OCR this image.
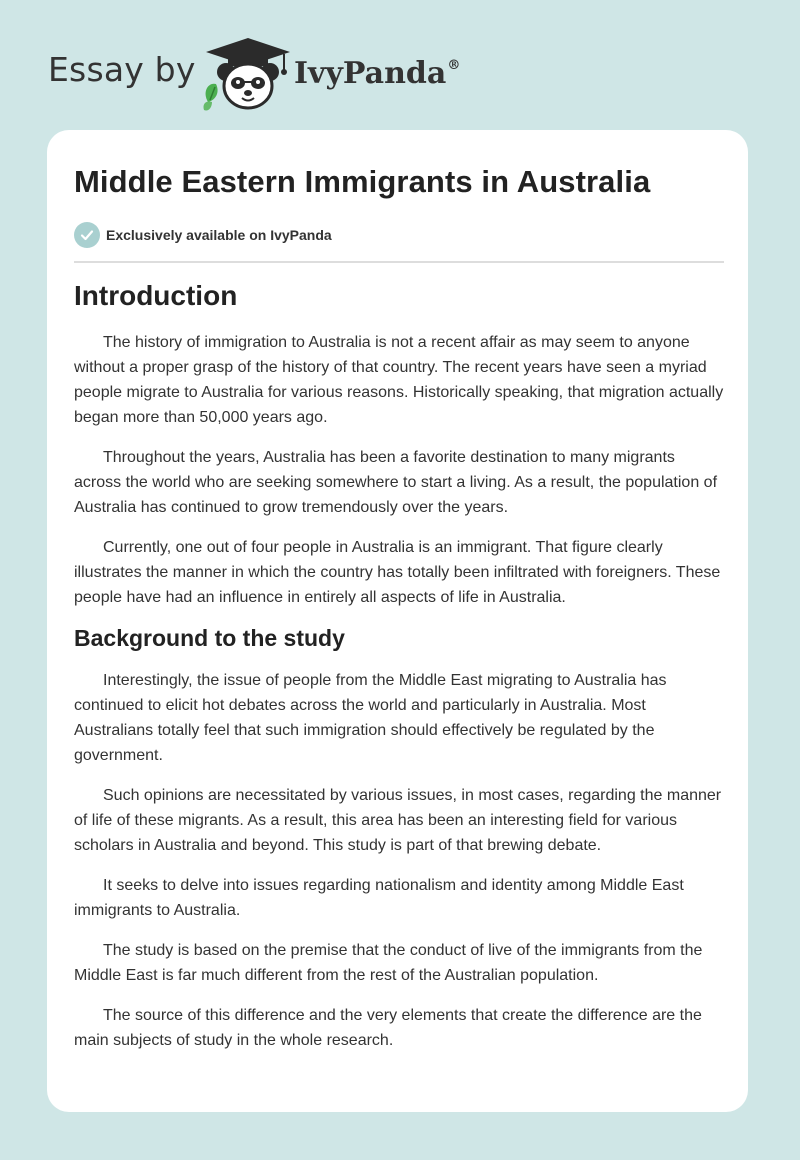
Essay by	IvyPanda®
Middle Eastern Immigrants in Australia
Exclusively available on IvyPanda
Introduction

The history of immigration to Australia is not a recent affair as may seem to anyone without a proper grasp of the history of that country. The recent years have seen a myriad people migrate to Australia for various reasons. Historically speaking, that migration actually began more than 50,000 years ago.

Throughout the years, Australia has been a favorite destination to many migrants across the world who are seeking somewhere to start a living. As a result, the population of Australia has continued to grow tremendously over the years.

Currently, one out of four people in Australia is an immigrant. That figure clearly illustrates the manner in which the country has totally been infiltrated with foreigners. These people have had an influence in entirely all aspects of life in Australia.

Background to the study

Interestingly, the issue of people from the Middle East migrating to Australia has continued to elicit hot debates across the world and particularly in Australia. Most Australians totally feel that such immigration should effectively be regulated by the government.

Such opinions are necessitated by various issues, in most cases, regarding the manner of life of these migrants. As a result, this area has been an interesting field for various scholars in Australia and beyond. This study is part of that brewing debate.

It seeks to delve into issues regarding nationalism and identity among Middle East immigrants to Australia.

The study is based on the premise that the conduct of live of the immigrants from the Middle East is far much different from the rest of the Australian population.

The source of this difference and the very elements that create the difference are the main subjects of study in the whole research.
